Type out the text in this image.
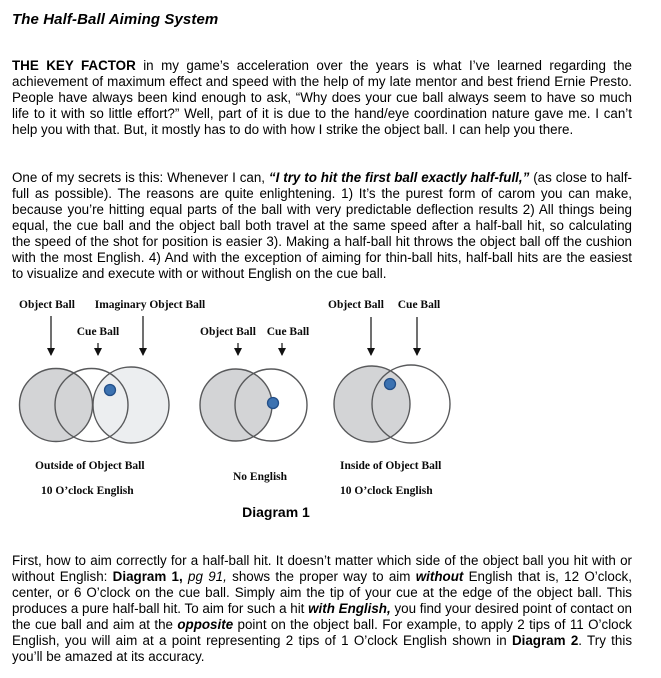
The Half-Ball Aiming System

THE KEY FACTOR in my game’s acceleration over the years is what I’ve learned regarding the achievement of maximum effect and speed with the help of my late mentor and best friend Ernie Presto. People have always been kind enough to ask, “Why does your cue ball always seem to have so much life to it with so little effort?” Well, part of it is due to the hand/eye coordination nature gave me. I can’t help you with that. But, it mostly has to do with how I strike the object ball. I can help you there.

One of my secrets is this: Whenever I can, “I try to hit the first ball exactly half-full,” (as close to half-full as possible). The reasons are quite enlightening. 1) It’s the purest form of carom you can make, because you’re hitting equal parts of the ball with very predictable deflection results 2) All things being equal, the cue ball and the object ball both travel at the same speed after a half-ball hit, so calculating the speed of the shot for position is easier 3). Making a half-ball hit throws the object ball off the cushion with the most English. 4) And with the exception of aiming for thin-ball hits, half-ball hits are the easiest to visualize and execute with or without English on the cue ball.

Object Ball Imaginary Object Ball
Cue Ball
Outside of Object Ball
10 O’clock English
Object Ball Cue Ball
No English
Object Ball Cue Ball
Inside of Object Ball
10 O’clock English
Diagram 1

First, how to aim correctly for a half-ball hit. It doesn’t matter which side of the object ball you hit with or without English: Diagram 1, pg 91, shows the proper way to aim without English that is, 12 O’clock, center, or 6 O’clock on the cue ball. Simply aim the tip of your cue at the edge of the object ball. This produces a pure half-ball hit. To aim for such a hit with English, you find your desired point of contact on the cue ball and aim at the opposite point on the object ball. For example, to apply 2 tips of 11 O’clock English, you will aim at a point representing 2 tips of 1 O’clock English shown in Diagram 2. Try this you’ll be amazed at its accuracy.
